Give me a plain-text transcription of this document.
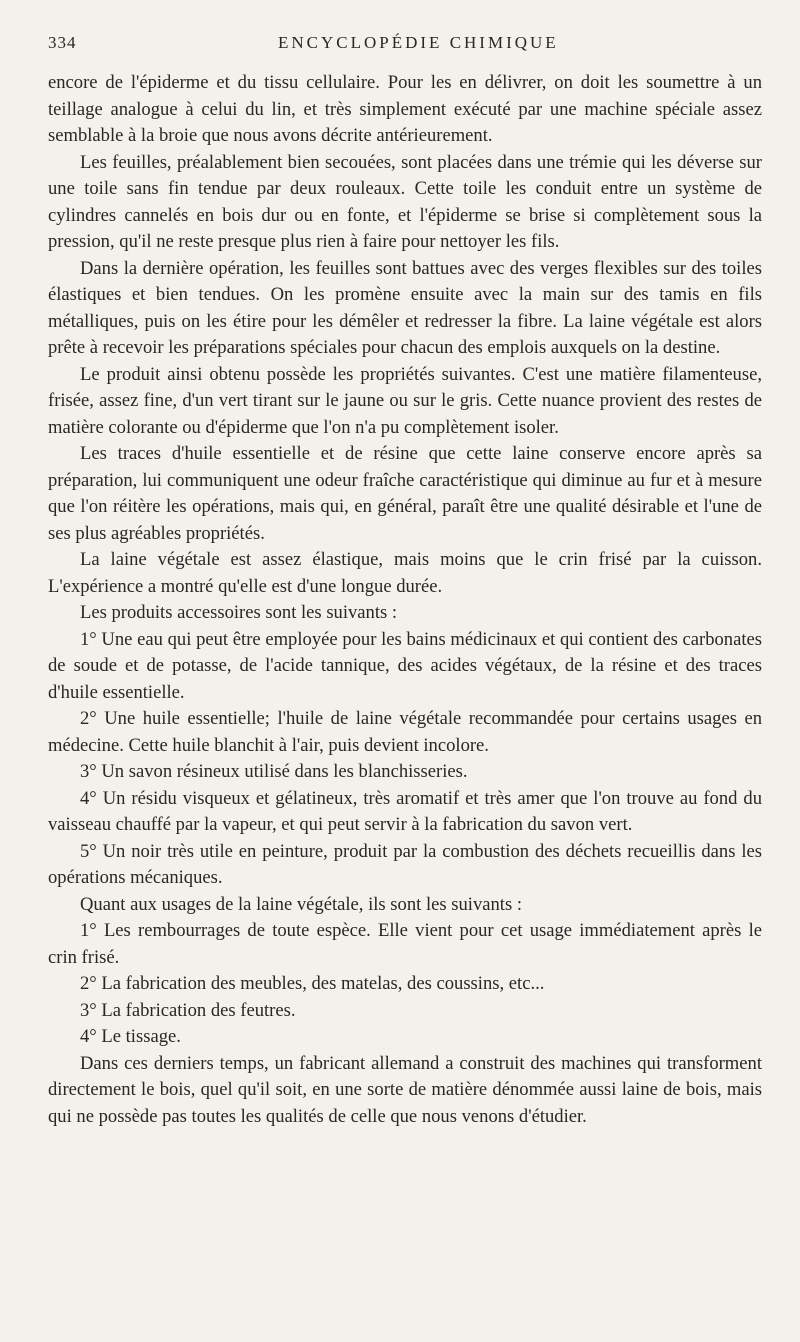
334	ENCYCLOPÉDIE CHIMIQUE

encore de l'épiderme et du tissu cellulaire. Pour les en délivrer, on doit les soumettre à un teillage analogue à celui du lin, et très simplement exécuté par une machine spéciale assez semblable à la broie que nous avons décrite antérieurement.

Les feuilles, préalablement bien secouées, sont placées dans une trémie qui les déverse sur une toile sans fin tendue par deux rouleaux. Cette toile les conduit entre un système de cylindres cannelés en bois dur ou en fonte, et l'épiderme se brise si complètement sous la pression, qu'il ne reste presque plus rien à faire pour nettoyer les fils.

Dans la dernière opération, les feuilles sont battues avec des verges flexibles sur des toiles élastiques et bien tendues. On les promène ensuite avec la main sur des tamis en fils métalliques, puis on les étire pour les démêler et redresser la fibre. La laine végétale est alors prête à recevoir les préparations spéciales pour chacun des emplois auxquels on la destine.

Le produit ainsi obtenu possède les propriétés suivantes. C'est une matière filamenteuse, frisée, assez fine, d'un vert tirant sur le jaune ou sur le gris. Cette nuance provient des restes de matière colorante ou d'épiderme que l'on n'a pu complètement isoler.

Les traces d'huile essentielle et de résine que cette laine conserve encore après sa préparation, lui communiquent une odeur fraîche caractéristique qui diminue au fur et à mesure que l'on réitère les opérations, mais qui, en général, paraît être une qualité désirable et l'une de ses plus agréables propriétés.

La laine végétale est assez élastique, mais moins que le crin frisé par la cuisson. L'expérience a montré qu'elle est d'une longue durée.

Les produits accessoires sont les suivants :

1° Une eau qui peut être employée pour les bains médicinaux et qui contient des carbonates de soude et de potasse, de l'acide tannique, des acides végétaux, de la résine et des traces d'huile essentielle.

2° Une huile essentielle; l'huile de laine végétale recommandée pour certains usages en médecine. Cette huile blanchit à l'air, puis devient incolore.

3° Un savon résineux utilisé dans les blanchisseries.

4° Un résidu visqueux et gélatineux, très aromatif et très amer que l'on trouve au fond du vaisseau chauffé par la vapeur, et qui peut servir à la fabrication du savon vert.

5° Un noir très utile en peinture, produit par la combustion des déchets recueillis dans les opérations mécaniques.

Quant aux usages de la laine végétale, ils sont les suivants :

1° Les rembourrages de toute espèce. Elle vient pour cet usage immédiatement après le crin frisé.

2° La fabrication des meubles, des matelas, des coussins, etc...

3° La fabrication des feutres.

4° Le tissage.

Dans ces derniers temps, un fabricant allemand a construit des machines qui transforment directement le bois, quel qu'il soit, en une sorte de matière dénommée aussi laine de bois, mais qui ne possède pas toutes les qualités de celle que nous venons d'étudier.
